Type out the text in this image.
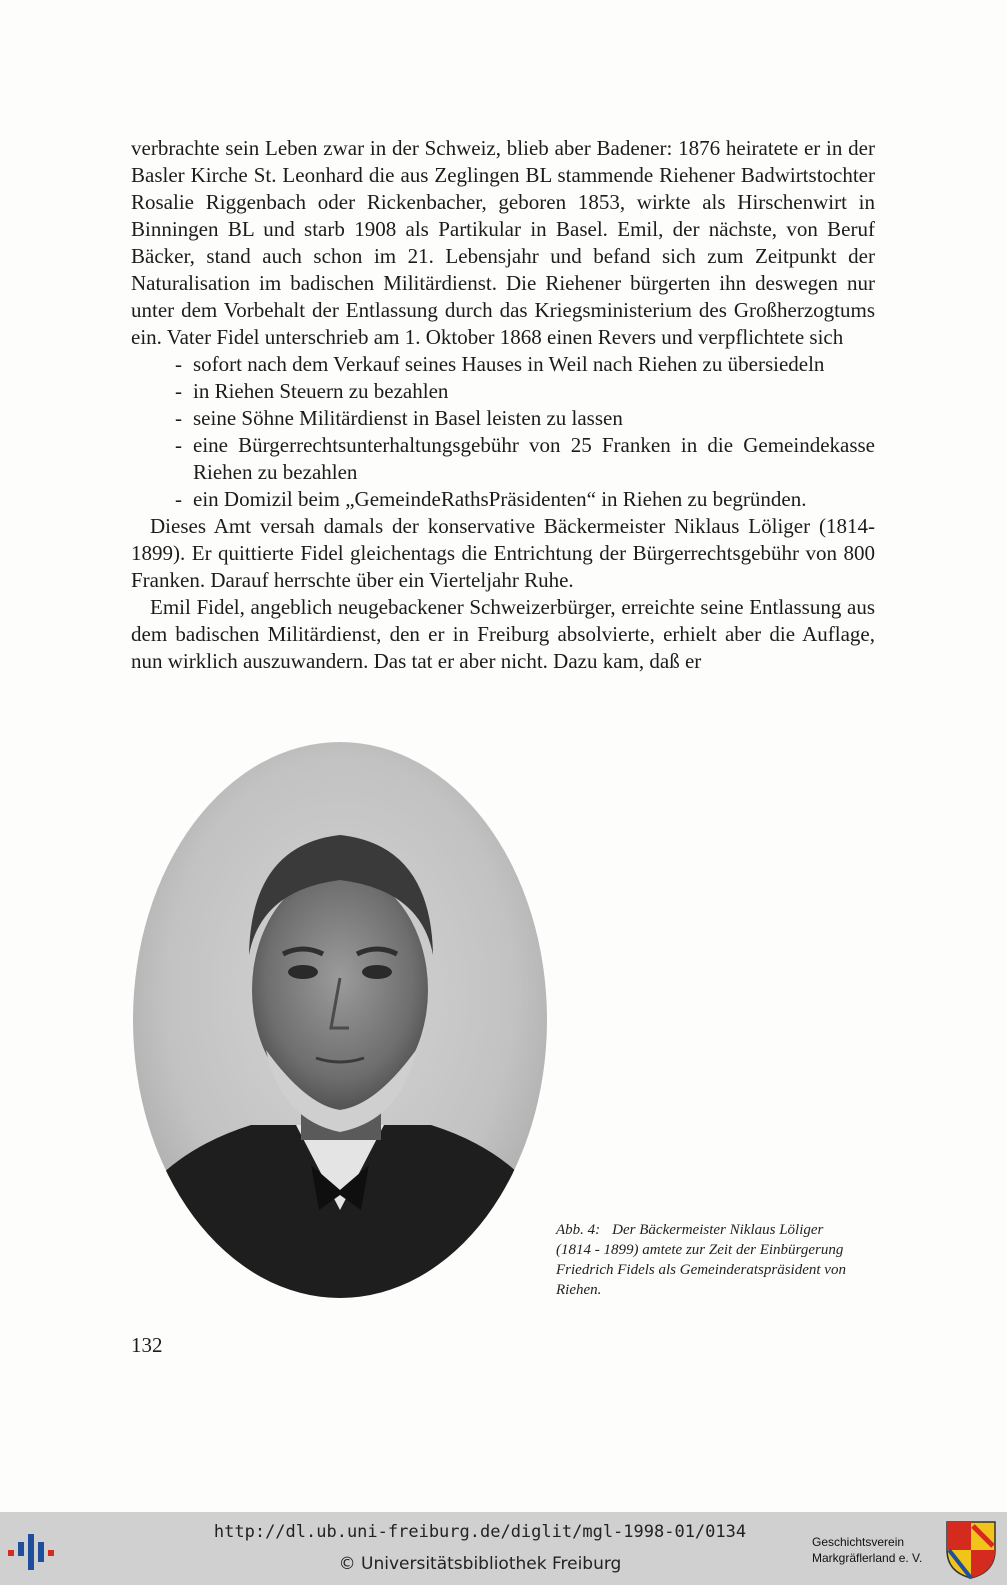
verbrachte sein Leben zwar in der Schweiz, blieb aber Badener: 1876 heiratete er in der Basler Kirche St. Leonhard die aus Zeglingen BL stammende Riehener Badwirtstochter Rosalie Riggenbach oder Rickenbacher, geboren 1853, wirkte als Hirschenwirt in Binningen BL und starb 1908 als Partikular in Basel. Emil, der nächste, von Beruf Bäcker, stand auch schon im 21. Lebensjahr und befand sich zum Zeitpunkt der Naturalisation im badischen Militärdienst. Die Riehener bürgerten ihn deswegen nur unter dem Vorbehalt der Entlassung durch das Kriegsministerium des Großherzogtums ein. Vater Fidel unterschrieb am 1. Oktober 1868 einen Revers und verpflichtete sich

- sofort nach dem Verkauf seines Hauses in Weil nach Riehen zu übersiedeln
- in Riehen Steuern zu bezahlen
- seine Söhne Militärdienst in Basel leisten zu lassen
- eine Bürgerrechtsunterhaltungsgebühr von 25 Franken in die Gemeindekasse Riehen zu bezahlen
- ein Domizil beim „GemeindeRathsPräsidenten“ in Riehen zu begründen.

Dieses Amt versah damals der konservative Bäckermeister Niklaus Löliger (1814-1899). Er quittierte Fidel gleichentags die Entrichtung der Bürgerrechtsgebühr von 800 Franken. Darauf herrschte über ein Vierteljahr Ruhe.

Emil Fidel, angeblich neugebackener Schweizerbürger, erreichte seine Entlassung aus dem badischen Militärdienst, den er in Freiburg absolvierte, erhielt aber die Auflage, nun wirklich auszuwandern. Das tat er aber nicht. Dazu kam, daß er

Abb. 4: Der Bäckermeister Niklaus Löliger (1814 - 1899) amtete zur Zeit der Einbürgerung Friedrich Fidels als Gemeinderatspräsident von Riehen.
132
http://dl.ub.uni-freiburg.de/diglit/mgl-1998-01/0134
© Universitätsbibliothek Freiburg
Geschichtsverein
Markgräflerland e. V.
